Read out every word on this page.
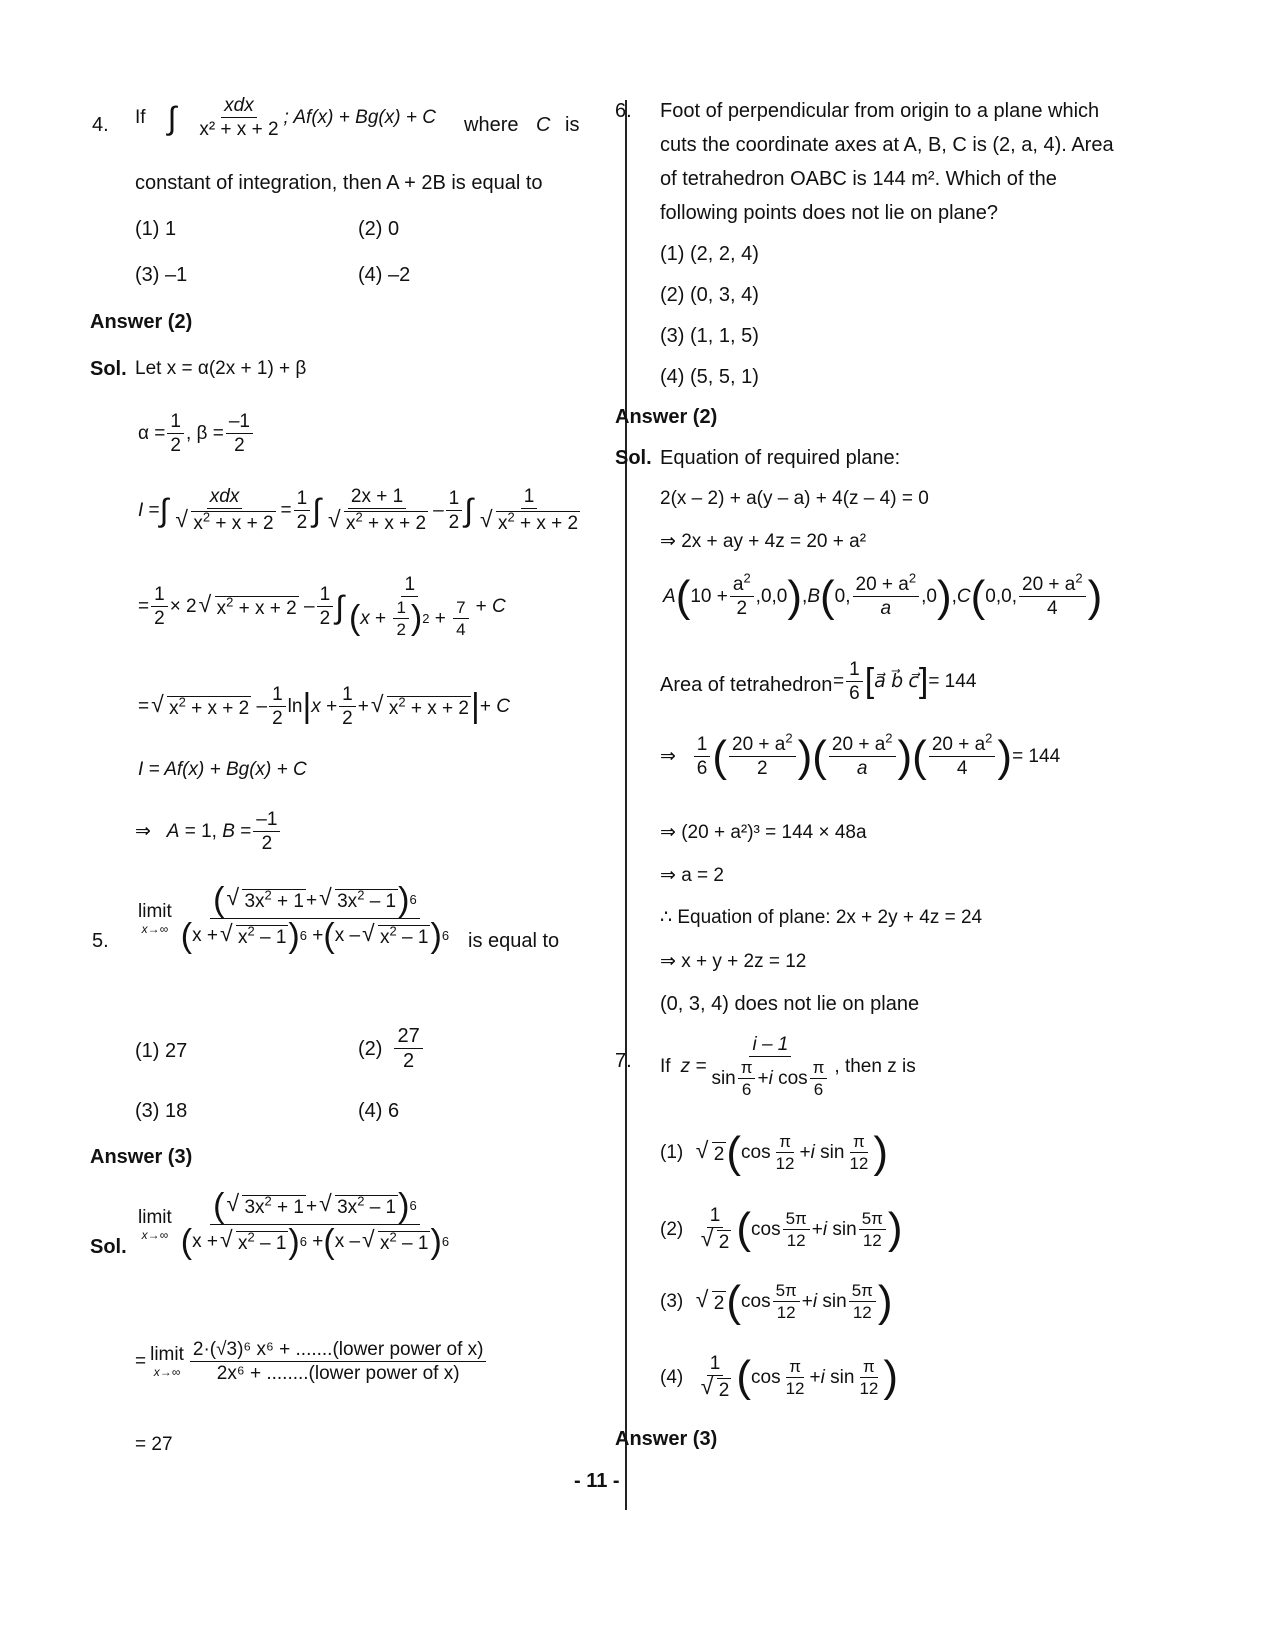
4. If ∫ $\frac{\text{xdx}}{\text{x² + x + 2}}$ ; Af(x) + Bg(x) + C where C is
constant of integration, then A + 2B is equal to
(1) 1	(2) 0
(3) –1	(4) –2
Answer (2)
Sol. Let x = α(2x + 1) + β
$\alpha = \frac{1}{2}$ , $\beta = \frac{-1}{2}$
I = ∫ xdx
√ $x^2 + x + 2 = \frac{1}{2}$ ∫ 2x + 1
√ $x^2 + x + 2 - \frac{1}{2}$ ∫ 1
√ $x^2 + x + 2$
= $\frac{1}{2} \times 2$	√ $x^2 + x + 2 - \frac{1}{2}$ ∫ $\frac{1}{( x + \frac{1}{2} ) 2 + \frac{7}{4}} + C$
=	√ $x^2 + x + 2 - \frac{1}{2}$ ln | $x + \frac{1}{2}$ +	√ $x^2 + x + 2$ | + C
I = Af(x) + Bg(x) + C
⇒   A = 1, $B = \frac{-1}{2}$
5.
limit
x→∞ (	√ $3x^2 + 1$ +	√ $3x^2 - 1$ ) 6
( x +	√ $x^2 - 1$ ) 6 + ( x –	√ $x^2 - 1$ ) 6 is equal to
(1) 27	$(2) \frac{27}{2}$
(3) 18	(4) 6
Answer (3)
Sol.
limit
x→∞ (	√ $3x^2 + 1$ +	√ $3x^2 - 1$ ) 6
( x +	√ $x^2 - 1$ ) 6 + ( x –	√ $x^2 - 1$ ) 6
= limit
$x\to\infty \frac{\text{2·(√3)⁶ x⁶ + .......(lower power of x)}}{\text{2x⁶ + ........(lower power of x)}}$
= 27
6. Foot of perpendicular from origin to a plane which
cuts the coordinate axes at A, B, C is (2, a, 4). Area
of tetrahedron OABC is 144 m². Which of the
following points does not lie on plane?
(1) (2, 2, 4)
(2) (0, 3, 4)
(3) (1, 1, 5)
(4) (5, 5, 1)
Answer (2)
Sol. Equation of required plane:
2(x – 2) + a(y – a) + 4(z – 4) = 0
⇒ 2x + ay + 4z = 20 + a²
A ( $10 + \frac{a^2}{2} ,0,0$ ) , B ( 0, $\frac{20 + a^2}{a} ,0$ ) , C ( 0,0, $\frac{20 + a^2}{4}$ )
Area of tetrahedron = $\frac{1}{6}$ [ a⃗ b⃗ c⃗ ] = 144
⇒ $\frac{1}{6}$ ( $\frac{20 + a^2}{2}$ )( $\frac{20 + a^2}{a}$ )( $\frac{20 + a^2}{4}$ ) = 144
⇒ (20 + a²)³ = 144 × 48a
⇒ a = 2
∴ Equation of plane: 2x + 2y + 4z = 24
⇒ x + y + 2z = 12
(0, 3, 4) does not lie on plane
7. If $z = \frac{i - 1}{\sin \frac{\pi}{6} + i \cos \frac{\pi}{6}}$ , then z is
(1)	√ 2 ( $\cos \frac{\pi}{12} + i$ $\sin \frac{\pi}{12}$ )
(2) 1
√ 2 ( $\cos \frac{5\pi}{12} + i$ $\sin \frac{5\pi}{12}$ )
(3)	√ 2 ( $\cos \frac{5\pi}{12} + i$ $\sin \frac{5\pi}{12}$ )
(4) 1
√ 2 ( $\cos \frac{\pi}{12} + i$ $\sin \frac{\pi}{12}$ )
Answer (3)
- 11 -
